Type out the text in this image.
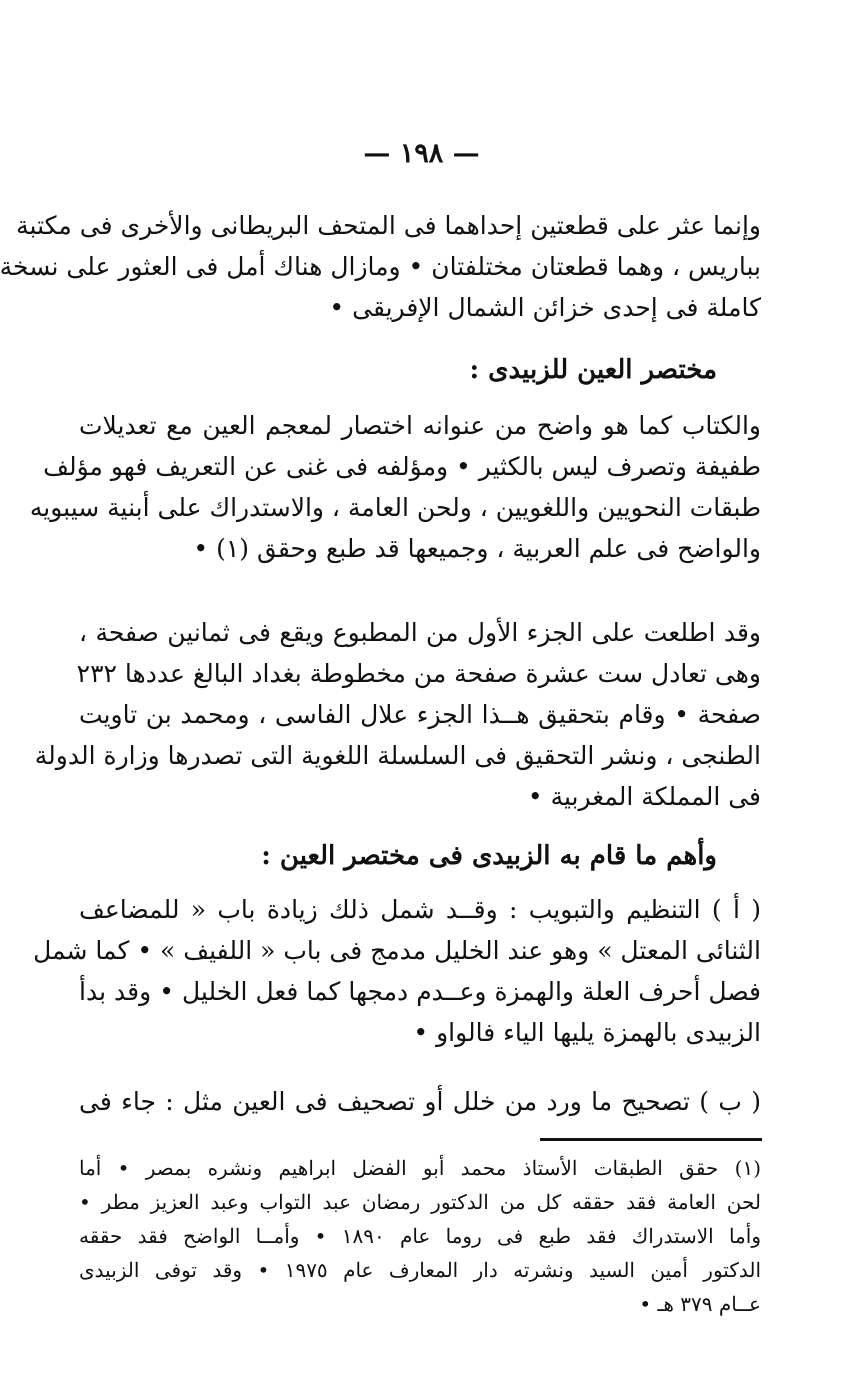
— ١٩٨ —
وإنما عثر على قطعتين إحداهما فى المتحف البريطانى والأخرى فى مكتبة
بباريس ، وهما قطعتان مختلفتان • ومازال هناك أمل فى العثور على نسخة
كاملة فى إحدى خزائن الشمال الإفريقى •
مختصر العين للزبيدى :
والكتاب كما هو واضح من عنوانه اختصار لمعجم العين مع تعديلات
طفيفة وتصرف ليس بالكثير • ومؤلفه فى غنى عن التعريف فهو مؤلف
طبقات النحويين واللغويين ، ولحن العامة ، والاستدراك على أبنية سيبويه
والواضح فى علم العربية ، وجميعها قد طبع وحقق (١) •
وقد اطلعت على الجزء الأول من المطبوع ويقع فى ثمانين صفحة ،
وهى تعادل ست عشرة صفحة من مخطوطة بغداد البالغ عددها ٢٣٢
صفحة • وقام بتحقيق هــذا الجزء علال الفاسى ، ومحمد بن تاويت
الطنجى ، ونشر التحقيق فى السلسلة اللغوية التى تصدرها وزارة الدولة
فى المملكة المغربية •
وأهم ما قام به الزبيدى فى مختصر العين :
( أ ) التنظيم والتبويب : وقــد شمل ذلك زيادة باب « للمضاعف
الثنائى المعتل » وهو عند الخليل مدمج فى باب « اللفيف » • كما شمل
فصل أحرف العلة والهمزة وعــدم دمجها كما فعل الخليل • وقد بدأ
الزبيدى بالهمزة يليها الياء فالواو •
( ب ) تصحيح ما ورد من خلل أو تصحيف فى العين مثل : جاء فى
(١) حقق الطبقات الأستاذ محمد أبو الفضل ابراهيم ونشره بمصر • أما
لحن العامة فقد حققه كل من الدكتور رمضان عبد التواب وعبد العزيز مطر •
وأما الاستدراك فقد طبع فى روما عام ١٨٩٠ • وأمــا الواضح فقد حققه
الدكتور أمين السيد ونشرته دار المعارف عام ١٩٧٥ • وقد توفى الزبيدى
عــام ٣٧٩ هـ •
